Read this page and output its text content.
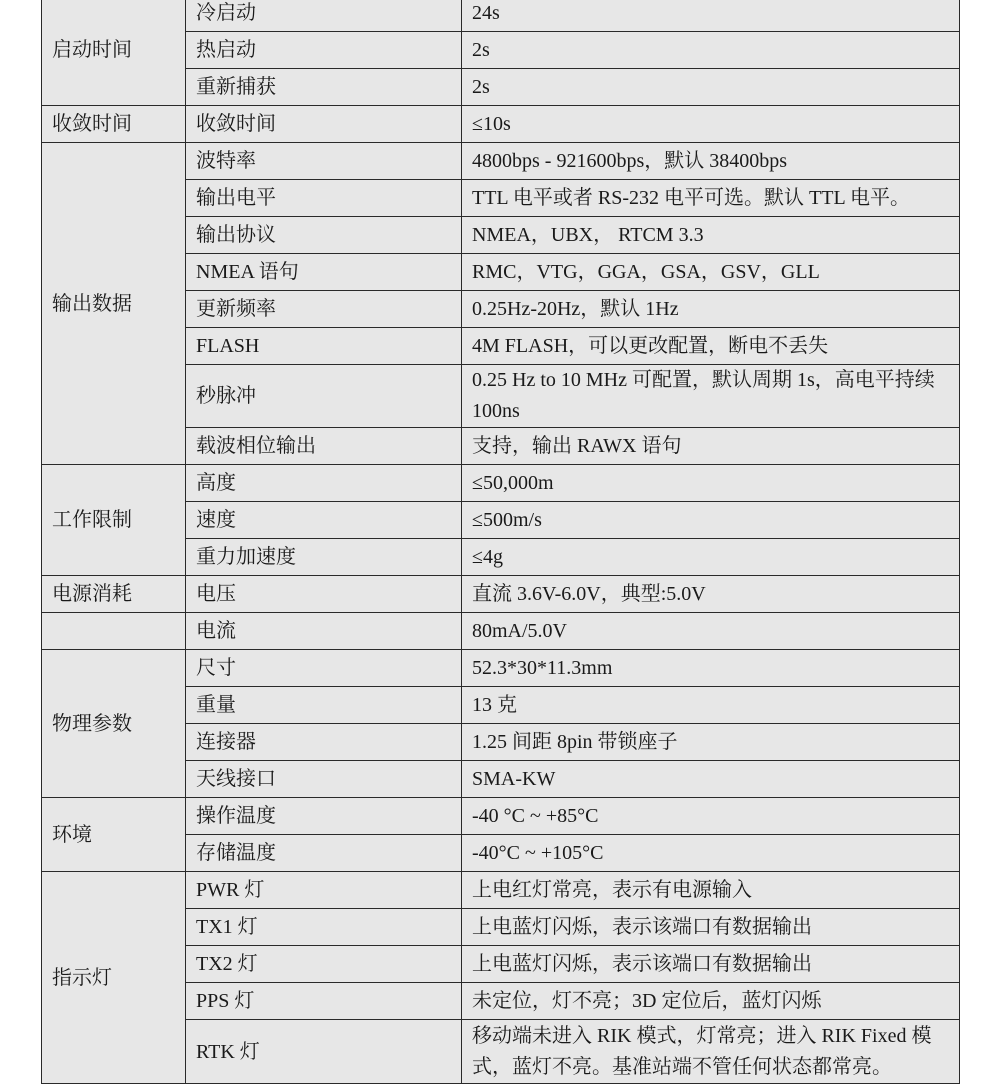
启动时间	冷启动	24s
	热启动	2s
	重新捕获	2s
收敛时间	收敛时间	≤10s
输出数据	波特率	4800bps - 921600bps，默认 38400bps
	输出电平	TTL 电平或者 RS-232 电平可选。默认 TTL 电平。
	输出协议	NMEA，UBX， RTCM 3.3
	NMEA 语句	RMC，VTG，GGA，GSA，GSV，GLL
	更新频率	0.25Hz-20Hz，默认 1Hz
	FLASH	4M FLASH，可以更改配置，断电不丢失
	秒脉冲	0.25 Hz to 10 MHz 可配置，默认周期 1s，高电平持续 100ns
	载波相位输出	支持，输出 RAWX 语句
工作限制	高度	≤50,000m
	速度	≤500m/s
	重力加速度	≤4g
电源消耗	电压	直流 3.6V-6.0V，典型:5.0V
	电流	80mA/5.0V
物理参数	尺寸	52.3*30*11.3mm
	重量	13 克
	连接器	1.25 间距 8pin 带锁座子
	天线接口	SMA-KW
环境	操作温度	-40 °C ~ +85°C
	存储温度	-40°C ~ +105°C
指示灯	PWR 灯	上电红灯常亮，表示有电源输入
	TX1 灯	上电蓝灯闪烁，表示该端口有数据输出
	TX2 灯	上电蓝灯闪烁，表示该端口有数据输出
	PPS 灯	未定位，灯不亮；3D 定位后，蓝灯闪烁
	RTK 灯	移动端未进入 RIK 模式，灯常亮；进入 RIK Fixed 模式，蓝灯不亮。基准站端不管任何状态都常亮。
